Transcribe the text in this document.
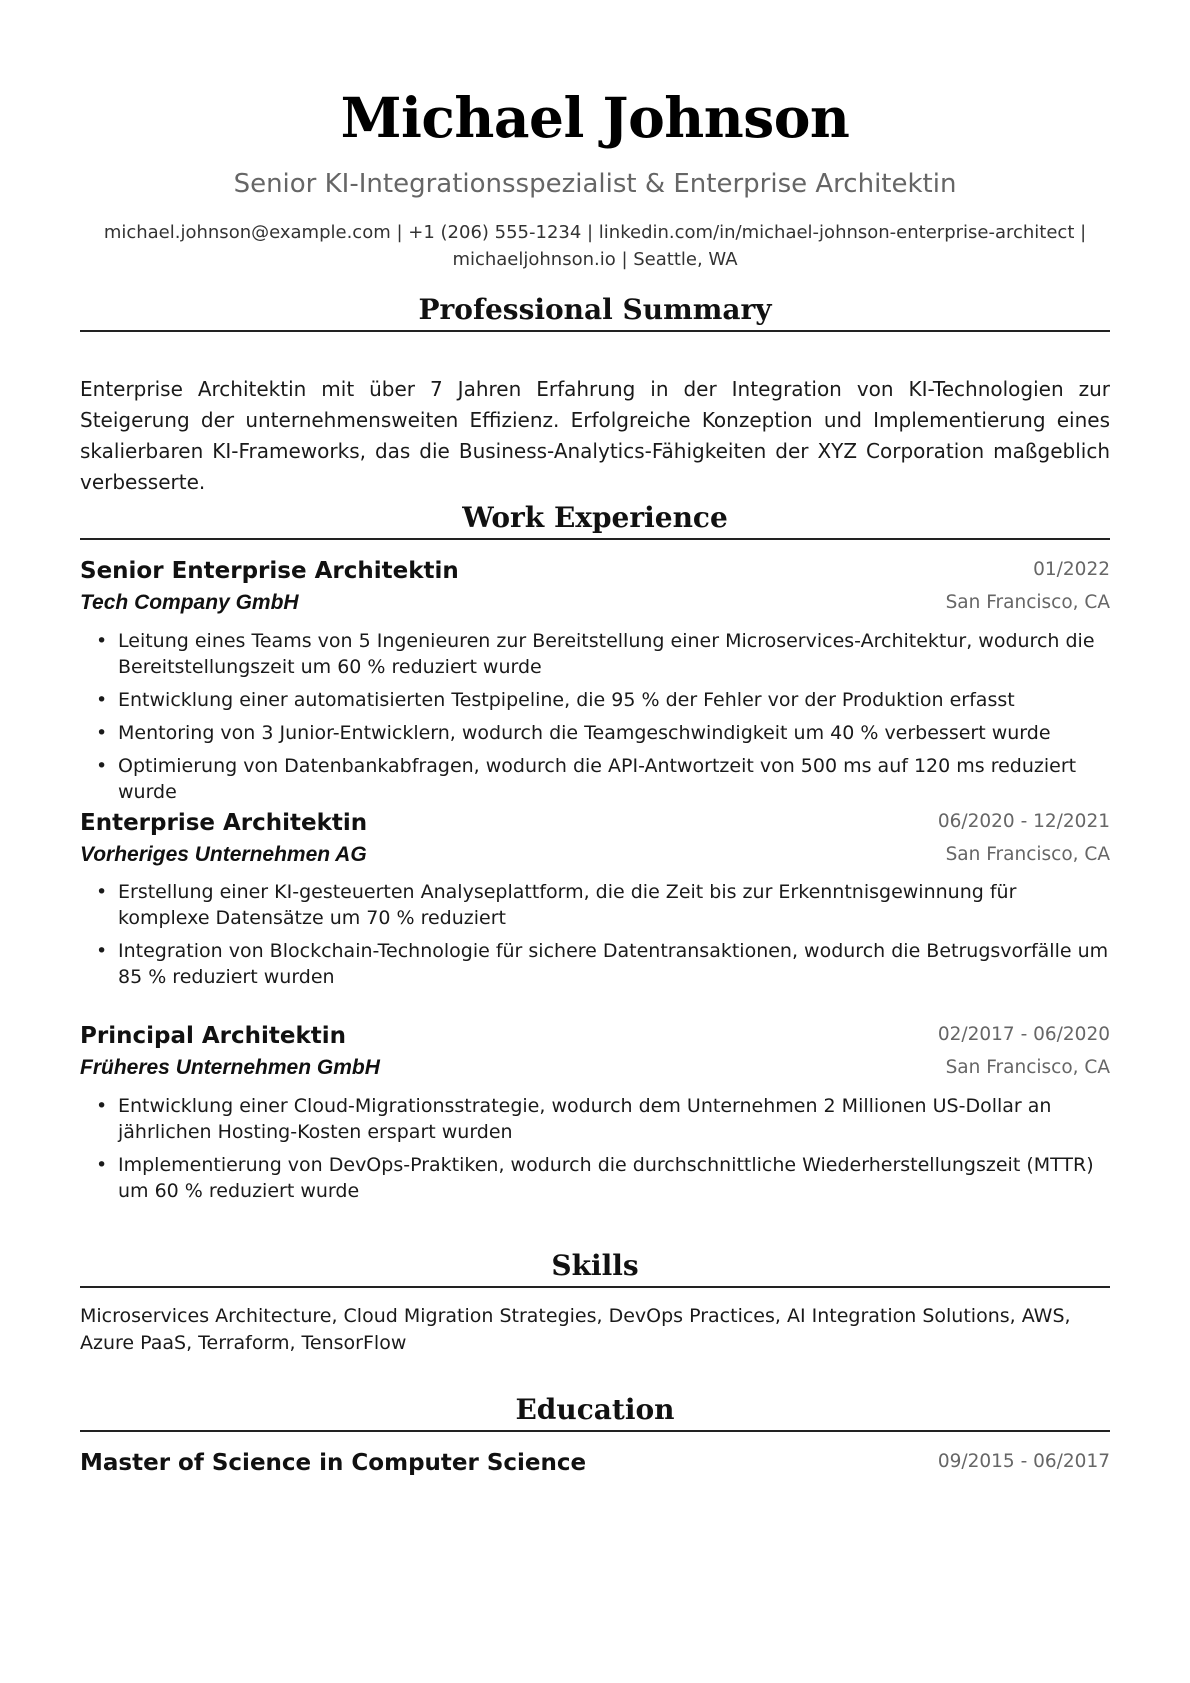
Michael Johnson
Senior KI-Integrationsspezialist & Enterprise Architektin
michael.johnson@example.com | +1 (206) 555-1234 | linkedin.com/in/michael-johnson-enterprise-architect |
michaeljohnson.io | Seattle, WA
Professional Summary
Enterprise Architektin mit über 7 Jahren Erfahrung in der Integration von KI-Technologien zur Steigerung der unternehmensweiten Effizienz. Erfolgreiche Konzeption und Implementierung eines skalierbaren KI-Frameworks, das die Business-Analytics-Fähigkeiten der XYZ Corporation maßgeblich verbesserte.
Work Experience
Senior Enterprise Architektin	01/2022
Tech Company GmbH	San Francisco, CA
• Leitung eines Teams von 5 Ingenieuren zur Bereitstellung einer Microservices-Architektur, wodurch die Bereitstellungszeit um 60 % reduziert wurde
• Entwicklung einer automatisierten Testpipeline, die 95 % der Fehler vor der Produktion erfasst
• Mentoring von 3 Junior-Entwicklern, wodurch die Teamgeschwindigkeit um 40 % verbessert wurde
• Optimierung von Datenbankabfragen, wodurch die API-Antwortzeit von 500 ms auf 120 ms reduziert wurde
Enterprise Architektin	06/2020 - 12/2021
Vorheriges Unternehmen AG	San Francisco, CA
• Erstellung einer KI-gesteuerten Analyseplattform, die die Zeit bis zur Erkenntnisgewinnung für komplexe Datensätze um 70 % reduziert
• Integration von Blockchain-Technologie für sichere Datentransaktionen, wodurch die Betrugsvorfälle um 85 % reduziert wurden
Principal Architektin	02/2017 - 06/2020
Früheres Unternehmen GmbH	San Francisco, CA
• Entwicklung einer Cloud-Migrationsstrategie, wodurch dem Unternehmen 2 Millionen US-Dollar an jährlichen Hosting-Kosten erspart wurden
• Implementierung von DevOps-Praktiken, wodurch die durchschnittliche Wiederherstellungszeit (MTTR) um 60 % reduziert wurde
Skills
Microservices Architecture, Cloud Migration Strategies, DevOps Practices, AI Integration Solutions, AWS, Azure PaaS, Terraform, TensorFlow
Education
Master of Science in Computer Science	09/2015 - 06/2017
